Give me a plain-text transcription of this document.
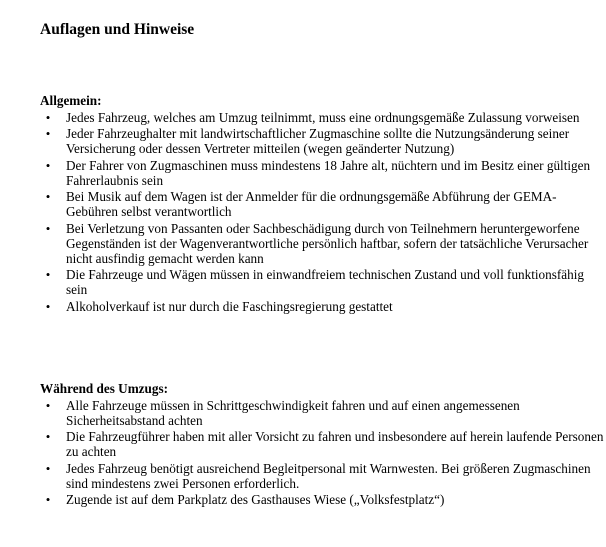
Auflagen und Hinweise
Allgemein:
•	Jedes Fahrzeug, welches am Umzug teilnimmt, muss eine ordnungsgemäße Zulassung vorweisen
•	Jeder Fahrzeughalter mit landwirtschaftlicher Zugmaschine sollte die Nutzungsänderung seiner Versicherung oder dessen Vertreter mitteilen (wegen geänderter Nutzung)
•	Der Fahrer von Zugmaschinen muss mindestens 18 Jahre alt, nüchtern und im Besitz einer gültigen Fahrerlaubnis sein
•	Bei Musik auf dem Wagen ist der Anmelder für die ordnungsgemäße Abführung der GEMA-Gebühren selbst verantwortlich
•	Bei Verletzung von Passanten oder Sachbeschädigung durch von Teilnehmern heruntergeworfene Gegenständen ist der Wagenverantwortliche persönlich haftbar, sofern der tatsächliche Verursacher nicht ausfindig gemacht werden kann
•	Die Fahrzeuge und Wägen müssen in einwandfreiem technischen Zustand und voll funktionsfähig sein
•	Alkoholverkauf ist nur durch die Faschingsregierung gestattet
Während des Umzugs:
•	Alle Fahrzeuge müssen in Schrittgeschwindigkeit fahren und auf einen angemessenen Sicherheitsabstand achten
•	Die Fahrzeugführer haben mit aller Vorsicht zu fahren und insbesondere auf herein laufende Personen zu achten
•	Jedes Fahrzeug benötigt ausreichend Begleitpersonal mit Warnwesten. Bei größeren Zugmaschinen sind mindestens zwei Personen erforderlich.
•	Zugende ist auf dem Parkplatz des Gasthauses Wiese („Volksfestplatz“)
